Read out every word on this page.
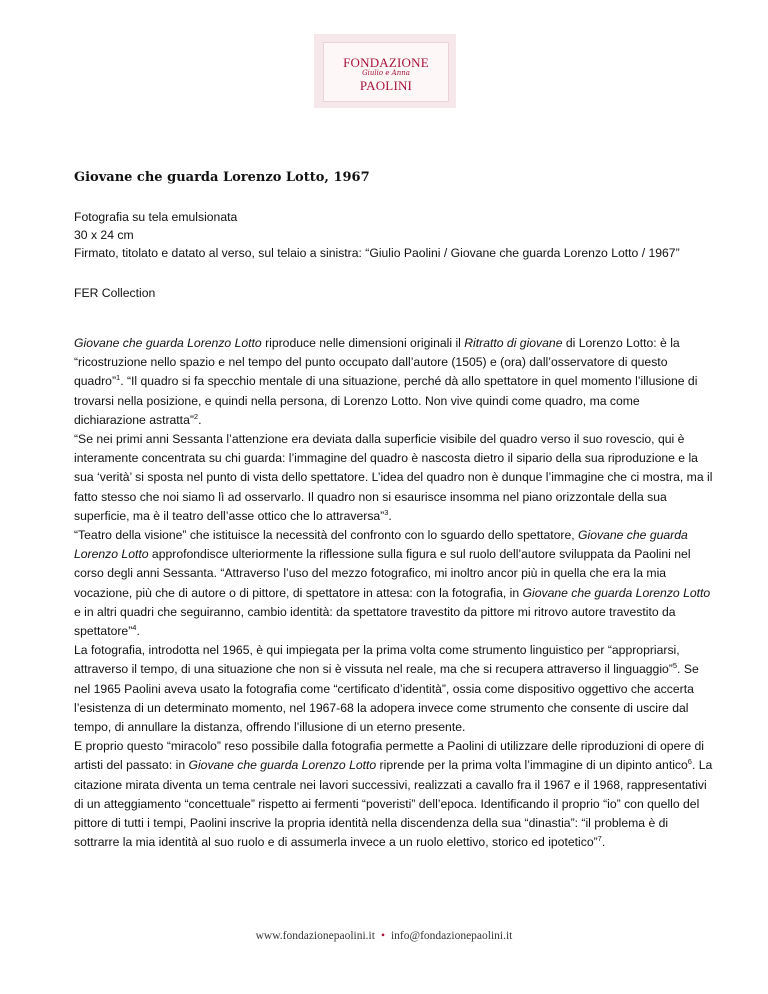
FONDAZIONE
Giulio e Anna
PAOLINI
Giovane che guarda Lorenzo Lotto, 1967

Fotografia su tela emulsionata

30 x 24 cm

Firmato, titolato e datato al verso, sul telaio a sinistra: “Giulio Paolini / Giovane che guarda Lorenzo Lotto / 1967”

FER Collection

Giovane che guarda Lorenzo Lotto riproduce nelle dimensioni originali il Ritratto di giovane di Lorenzo Lotto: è la “ricostruzione nello spazio e nel tempo del punto occupato dall’autore (1505) e (ora) dall’osservatore di questo quadro”$^1$. “Il quadro si fa specchio mentale di una situazione, perché dà allo spettatore in quel momento l’illusione di trovarsi nella posizione, e quindi nella persona, di Lorenzo Lotto. Non vive quindi come quadro, ma come dichiarazione astratta”$^2$.

“Se nei primi anni Sessanta l’attenzione era deviata dalla superficie visibile del quadro verso il suo rovescio, qui è interamente concentrata su chi guarda: l’immagine del quadro è nascosta dietro il sipario della sua riproduzione e la sua ‘verità’ si sposta nel punto di vista dello spettatore. L’idea del quadro non è dunque l’immagine che ci mostra, ma il fatto stesso che noi siamo lì ad osservarlo. Il quadro non si esaurisce insomma nel piano orizzontale della sua superficie, ma è il teatro dell’asse ottico che lo attraversa”$^3$.

“Teatro della visione” che istituisce la necessità del confronto con lo sguardo dello spettatore, Giovane che guarda Lorenzo Lotto approfondisce ulteriormente la riflessione sulla figura e sul ruolo dell’autore sviluppata da Paolini nel corso degli anni Sessanta. “Attraverso l’uso del mezzo fotografico, mi inoltro ancor più in quella che era la mia vocazione, più che di autore o di pittore, di spettatore in attesa: con la fotografia, in Giovane che guarda Lorenzo Lotto e in altri quadri che seguiranno, cambio identità: da spettatore travestito da pittore mi ritrovo autore travestito da spettatore”$^4$.

La fotografia, introdotta nel 1965, è qui impiegata per la prima volta come strumento linguistico per “appropriarsi, attraverso il tempo, di una situazione che non si è vissuta nel reale, ma che si recupera attraverso il linguaggio”$^5$. Se nel 1965 Paolini aveva usato la fotografia come “certificato d’identità”, ossia come dispositivo oggettivo che accerta l’esistenza di un determinato momento, nel 1967-68 la adopera invece come strumento che consente di uscire dal tempo, di annullare la distanza, offrendo l’illusione di un eterno presente.

E proprio questo “miracolo” reso possibile dalla fotografia permette a Paolini di utilizzare delle riproduzioni di opere di artisti del passato: in Giovane che guarda Lorenzo Lotto riprende per la prima volta l’immagine di un dipinto antico$^6$. La citazione mirata diventa un tema centrale nei lavori successivi, realizzati a cavallo fra il 1967 e il 1968, rappresentativi di un atteggiamento “concettuale” rispetto ai fermenti “poveristi” dell’epoca. Identificando il proprio “io” con quello del pittore di tutti i tempi, Paolini inscrive la propria identità nella discendenza della sua “dinastia”: “il problema è di sottrarre la mia identità al suo ruolo e di assumerla invece a un ruolo elettivo, storico ed ipotetico”$^7$.

www.fondazionepaolini.it • info@fondazionepaolini.it
